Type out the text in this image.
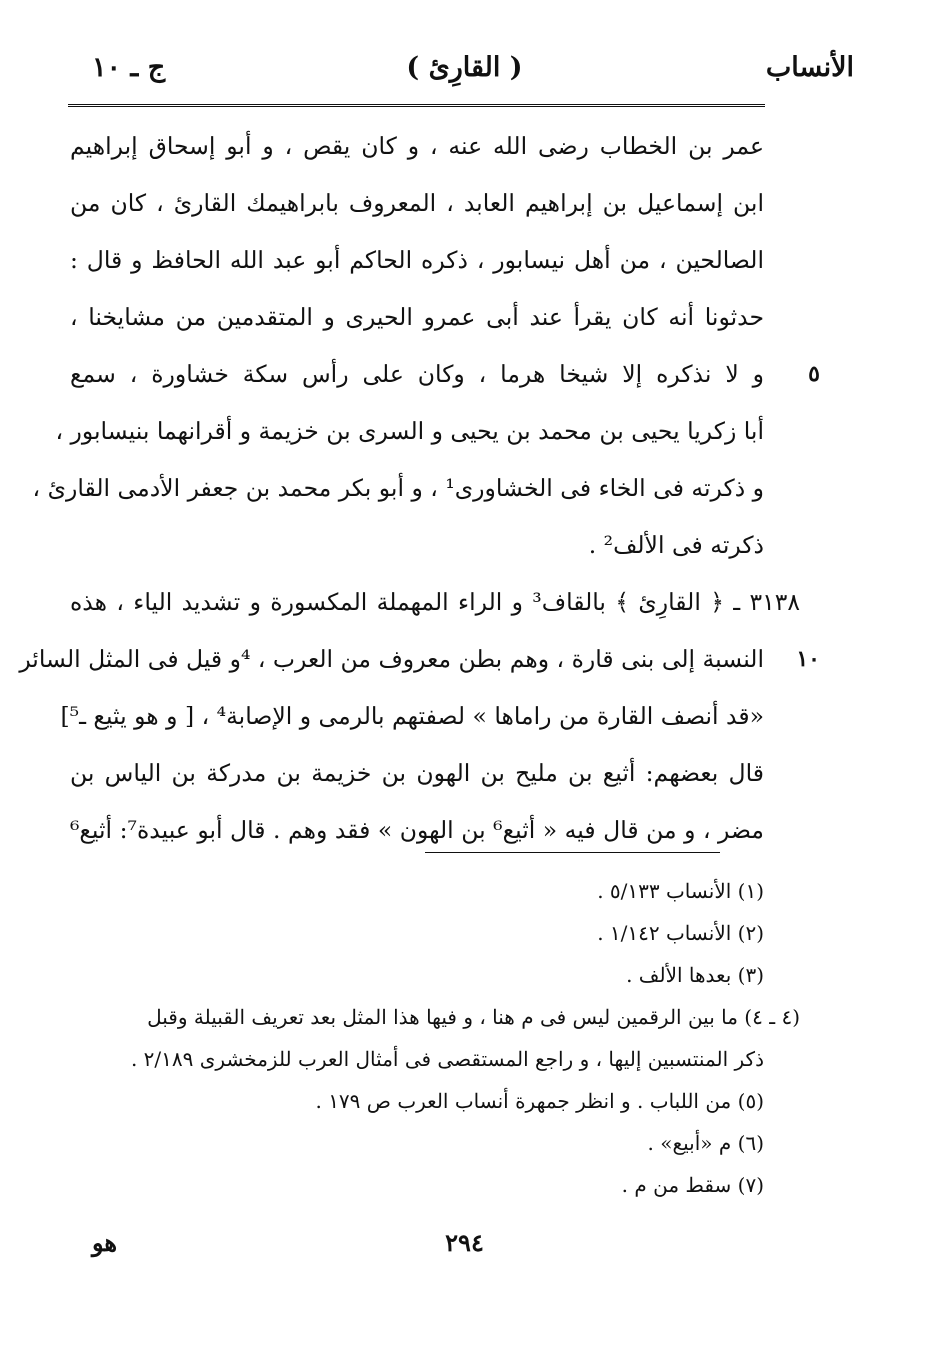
الأنساب
( القارِئ )
ج ـ ١٠
عمر بن الخطاب رضى الله عنه ، و كان يقص ، و أبو إسحاق إبراهيم
ابن إسماعيل بن إبراهيم العابد ، المعروف بابراهيمك القارئ ، كان من
الصالحين ، من أهل نيسابور ، ذكره الحاكم أبو عبد الله الحافظ و قال :
حدثونا أنه كان يقرأ عند أبى عمرو الحيرى و المتقدمين من مشايخنا ،
و لا نذكره إلا شيخا هرما ، وكان على رأس سكة خشاورة ، سمع ٥
أبا زكريا يحيى بن محمد بن يحيى و السرى بن خزيمة و أقرانهما بنيسابور ،
و ذكرته فى الخاء فى الخشاورى¹ ، و أبو بكر محمد بن جعفر الأدمى القارئ ،
ذكرته فى الألف² .
٣١٣٨ ـ ﴿ القارِئ ﴾ بالقاف³ و الراء المهملة المكسورة و تشديد الياء ، هذه
النسبة إلى بنى قارة ، وهم بطن معروف من العرب ، ⁴و قيل فى المثل السائر ١٠
«قد أنصف القارة من راماها » لصفتهم بالرمى و الإصابة⁴ ، [ و هو يثيع ـ⁵]
قال بعضهم: أثيع بن مليح بن الهون بن خزيمة بن مدركة بن الياس بن
مضر ، و من قال فيه « أثيع⁶ بن الهون » فقد وهم . قال أبو عبيدة⁷: أثيع⁶
(١) الأنساب ٥/١٣٣ .
(٢) الأنساب ١/١٤٢ .
(٣) بعدها الألف .
(٤ ـ ٤) ما بين الرقمين ليس فى م هنا ، و فيها هذا المثل بعد تعريف القبيلة وقبل
ذكر المنتسبين إليها ، و راجع المستقصى فى أمثال العرب للزمخشرى ٢/١٨٩ .
(٥) من اللباب . و انظر جمهرة أنساب العرب ص ١٧٩ .
(٦) م «أبيع» .
(٧) سقط من م .
٢٩٤
هو
